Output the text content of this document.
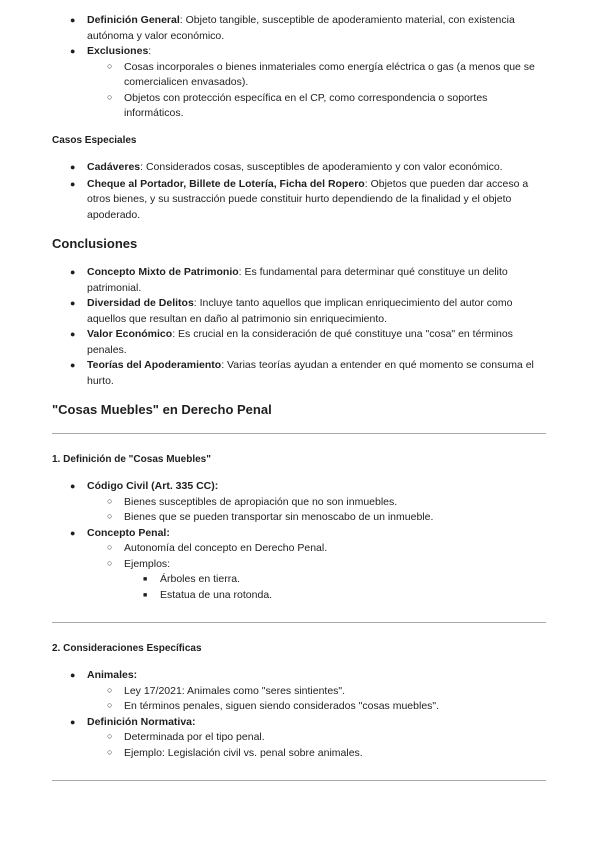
● Definición General: Objeto tangible, susceptible de apoderamiento material, con existencia autónoma y valor económico.
● Exclusiones:
○ Cosas incorporales o bienes inmateriales como energía eléctrica o gas (a menos que se comercialicen envasados).
○ Objetos con protección específica en el CP, como correspondencia o soportes informáticos.
Casos Especiales
● Cadáveres: Considerados cosas, susceptibles de apoderamiento y con valor económico.
● Cheque al Portador, Billete de Lotería, Ficha del Ropero: Objetos que pueden dar acceso a otros bienes, y su sustracción puede constituir hurto dependiendo de la finalidad y el objeto apoderado.
Conclusiones
● Concepto Mixto de Patrimonio: Es fundamental para determinar qué constituye un delito patrimonial.
● Diversidad de Delitos: Incluye tanto aquellos que implican enriquecimiento del autor como aquellos que resultan en daño al patrimonio sin enriquecimiento.
● Valor Económico: Es crucial en la consideración de qué constituye una "cosa" en términos penales.
● Teorías del Apoderamiento: Varias teorías ayudan a entender en qué momento se consuma el hurto.
"Cosas Muebles" en Derecho Penal
1. Definición de "Cosas Muebles"
● Código Civil (Art. 335 CC):
○ Bienes susceptibles de apropiación que no son inmuebles.
○ Bienes que se pueden transportar sin menoscabo de un inmueble.
● Concepto Penal:
○ Autonomía del concepto en Derecho Penal.
○ Ejemplos:
■ Árboles en tierra.
■ Estatua de una rotonda.
2. Consideraciones Específicas
● Animales:
○ Ley 17/2021: Animales como "seres sintientes".
○ En términos penales, siguen siendo considerados "cosas muebles".
● Definición Normativa:
○ Determinada por el tipo penal.
○ Ejemplo: Legislación civil vs. penal sobre animales.
